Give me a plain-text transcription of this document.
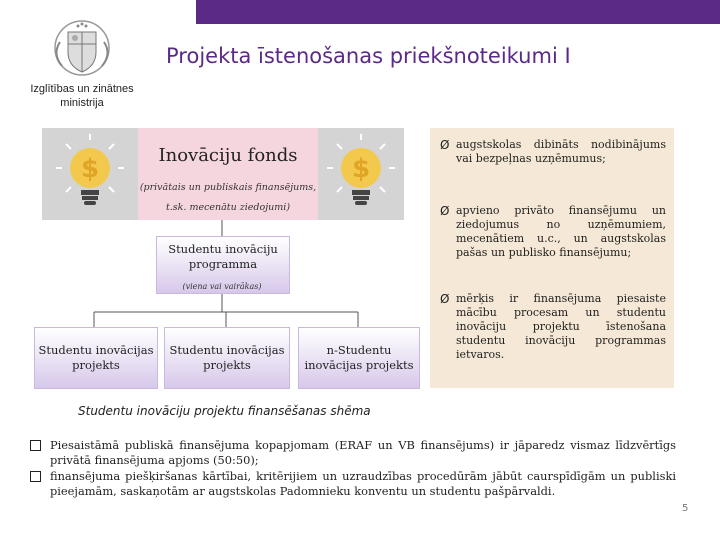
Izglītības un zinātnes
ministrija
Projekta īstenošanas priekšnoteikumi I
$	$
Inovāciju fonds
(privātais un publiskais finansējums,
t.sk. mecenātu ziedojumi)
Studentu inovāciju
programma
(viena vai vairākas)
Studentu inovācijas
projekts
Studentu inovācijas
projekts
n-Studentu
inovācijas projekts
Studentu inovāciju projektu finansēšanas shēma
Ø augstskolas dibināts nodibinājums vai bezpeļnas uzņēmumus;
Ø apvieno privāto finansējumu un ziedojumus no uzņēmumiem, mecenātiem u.c., un augstskolas pašas un publisko finansējumu;
Ø mērķis ir finansējuma piesaiste mācību procesam un studentu inovāciju projektu īstenošana studentu inovāciju programmas ietvaros.
Piesaistāmā publiskā finansējuma kopapjomam (ERAF un VB finansējums) ir jāparedz vismaz līdzvērtīgs privātā finansējuma apjoms (50:50);
finansējuma piešķiršanas kārtībai, kritērijiem un uzraudzības procedūrām jābūt caurspīdīgām un publiski pieejamām, saskaņotām ar augstskolas Padomnieku konventu un studentu pašpārvaldi.
5
